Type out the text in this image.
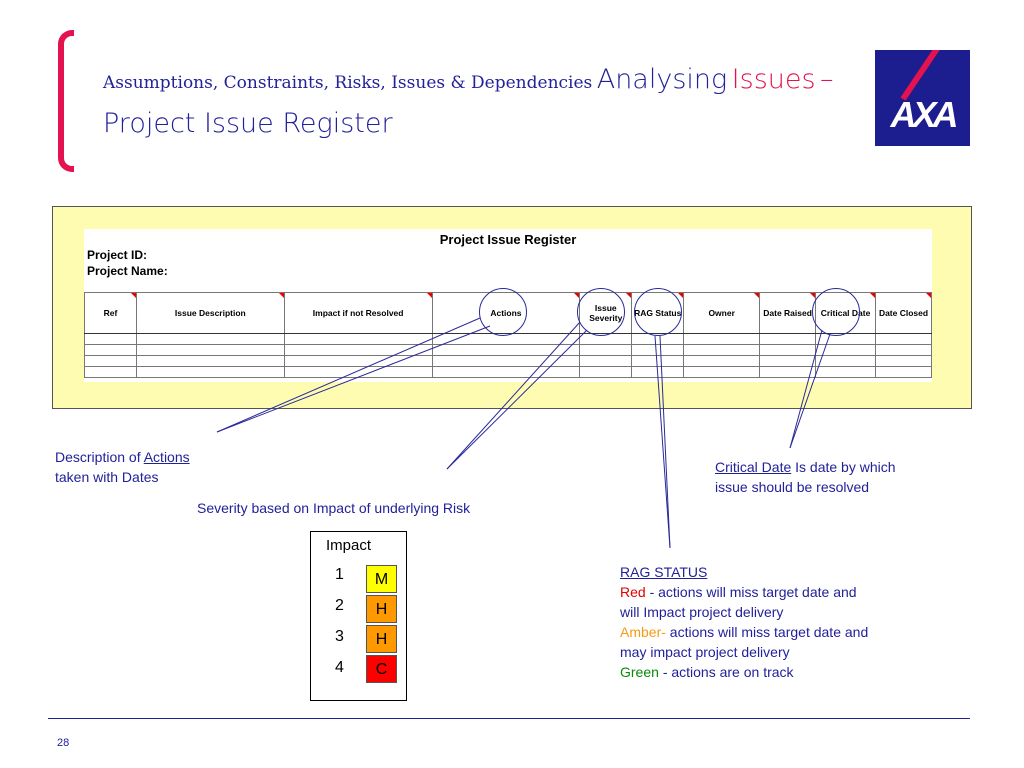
Assumptions, Constraints, Risks, Issues & Dependencies Analysing Issues –
Project Issue Register	AXA
Project Issue Register
Project ID:
Project Name:
Ref	Issue Description	Impact if not Resolved	Actions	Issue Severity	RAG Status	Owner	Date Raised	Critical Date	Date Closed

Description of Actions
taken with Dates
Severity based on Impact of underlying Risk
Critical Date Is date by which
issue should be resolved
RAG STATUS
Red - actions will miss target date and
will Impact project delivery
Amber- actions will miss target date and
may impact project delivery
Green - actions are on track
Impact
1	M
2	H
3	H
4	C
28
